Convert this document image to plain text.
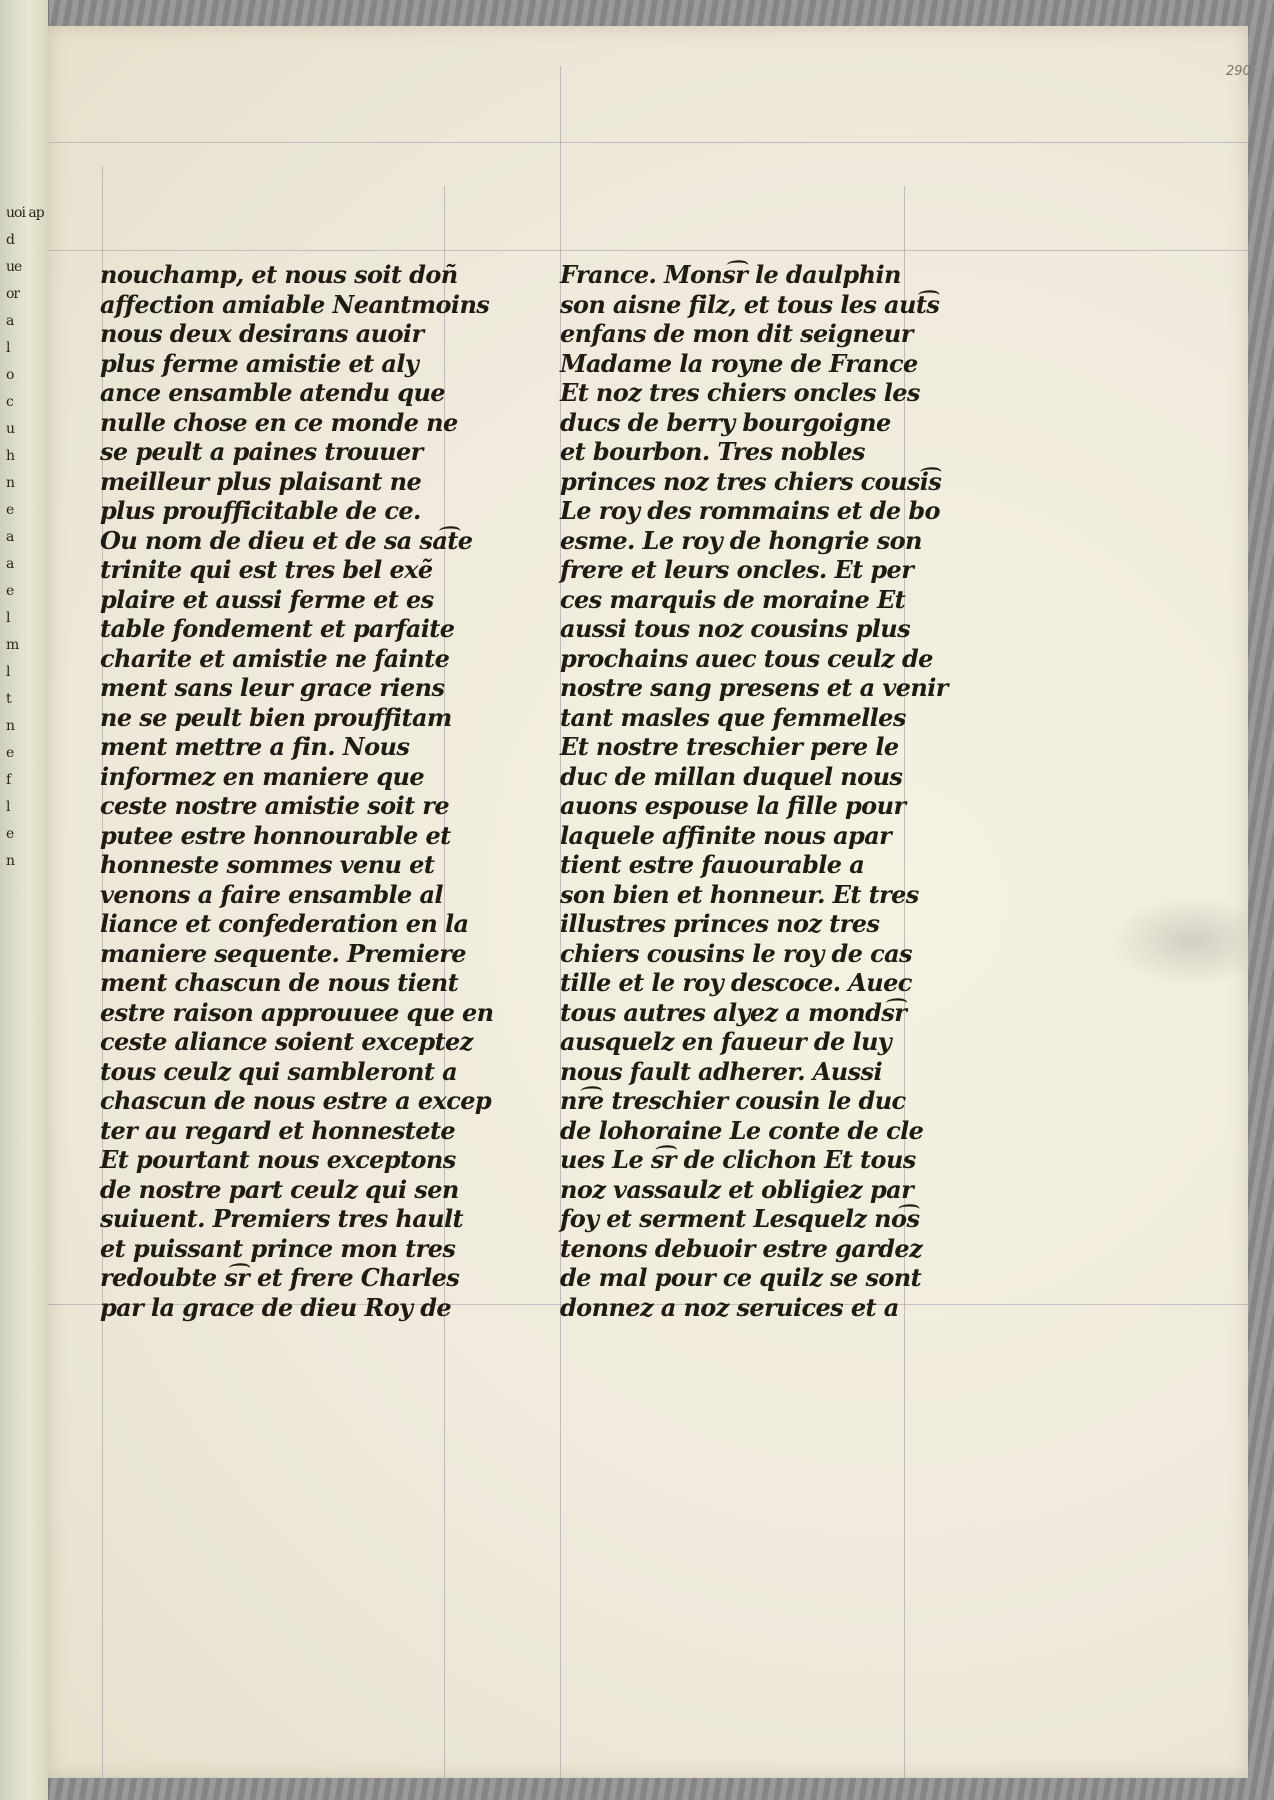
uoi ap
d
ue
or
a
l
o
c
u
h
n
e
a
a
e
l
m
l
t
n
e
f
l
e
n
290
nouchamp, et nous soit doñ
affection amiable Neantmoins
nous deux desirans auoir
plus ferme amistie et aly
ance ensamble atendu que
nulle chose en ce monde ne
se peult a paines trouuer
meilleur plus plaisant ne
plus proufficitable de ce.
Ou nom de dieu et de sa sa͡te
trinite qui est tres bel exẽ
plaire et aussi ferme et es
table fondement et parfaite
charite et amistie ne fainte
ment sans leur grace riens
ne se peult bien prouffitam
ment mettre a fin. Nous
informez en maniere que
ceste nostre amistie soit re
putee estre honnourable et
honneste sommes venu et
venons a faire ensamble al
liance et confederation en la
maniere sequente. Premiere
ment chascun de nous tient
estre raison approuuee que en
ceste aliance soient exceptez
tous ceulz qui sambleront a
chascun de nous estre a excep
ter au regard et honnestete
Et pourtant nous exceptons
de nostre part ceulz qui sen
suiuent. Premiers tres hault
et puissant prince mon tres
redoubte s͡r et frere Charles
par la grace de dieu Roy de
France. Mons͡r le daulphin
son aisne filz, et tous les aut͡s
enfans de mon dit seigneur
Madame la royne de France
Et noz tres chiers oncles les
ducs de berry bourgoigne
et bourbon. Tres nobles
princes noz tres chiers cousi͡s
Le roy des rommains et de bo
esme. Le roy de hongrie son
frere et leurs oncles. Et per
ces marquis de moraine Et
aussi tous noz cousins plus
prochains auec tous ceulz de
nostre sang presens et a venir
tant masles que femmelles
Et nostre treschier pere le
duc de millan duquel nous
auons espouse la fille pour
laquele affinite nous apar
tient estre fauourable a
son bien et honneur. Et tres
illustres princes noz tres
chiers cousins le roy de cas
tille et le roy descoce. Auec
tous autres alyez a monds͡r
ausquelz en faueur de luy
nous fault adherer. Aussi
nr͡e treschier cousin le duc
de lohoraine Le conte de cle
ues Le s͡r de clichon Et tous
noz vassaulz et obligiez par
foy et serment Lesquelz no͡s
tenons debuoir estre gardez
de mal pour ce quilz se sont
donnez a noz seruices et a
